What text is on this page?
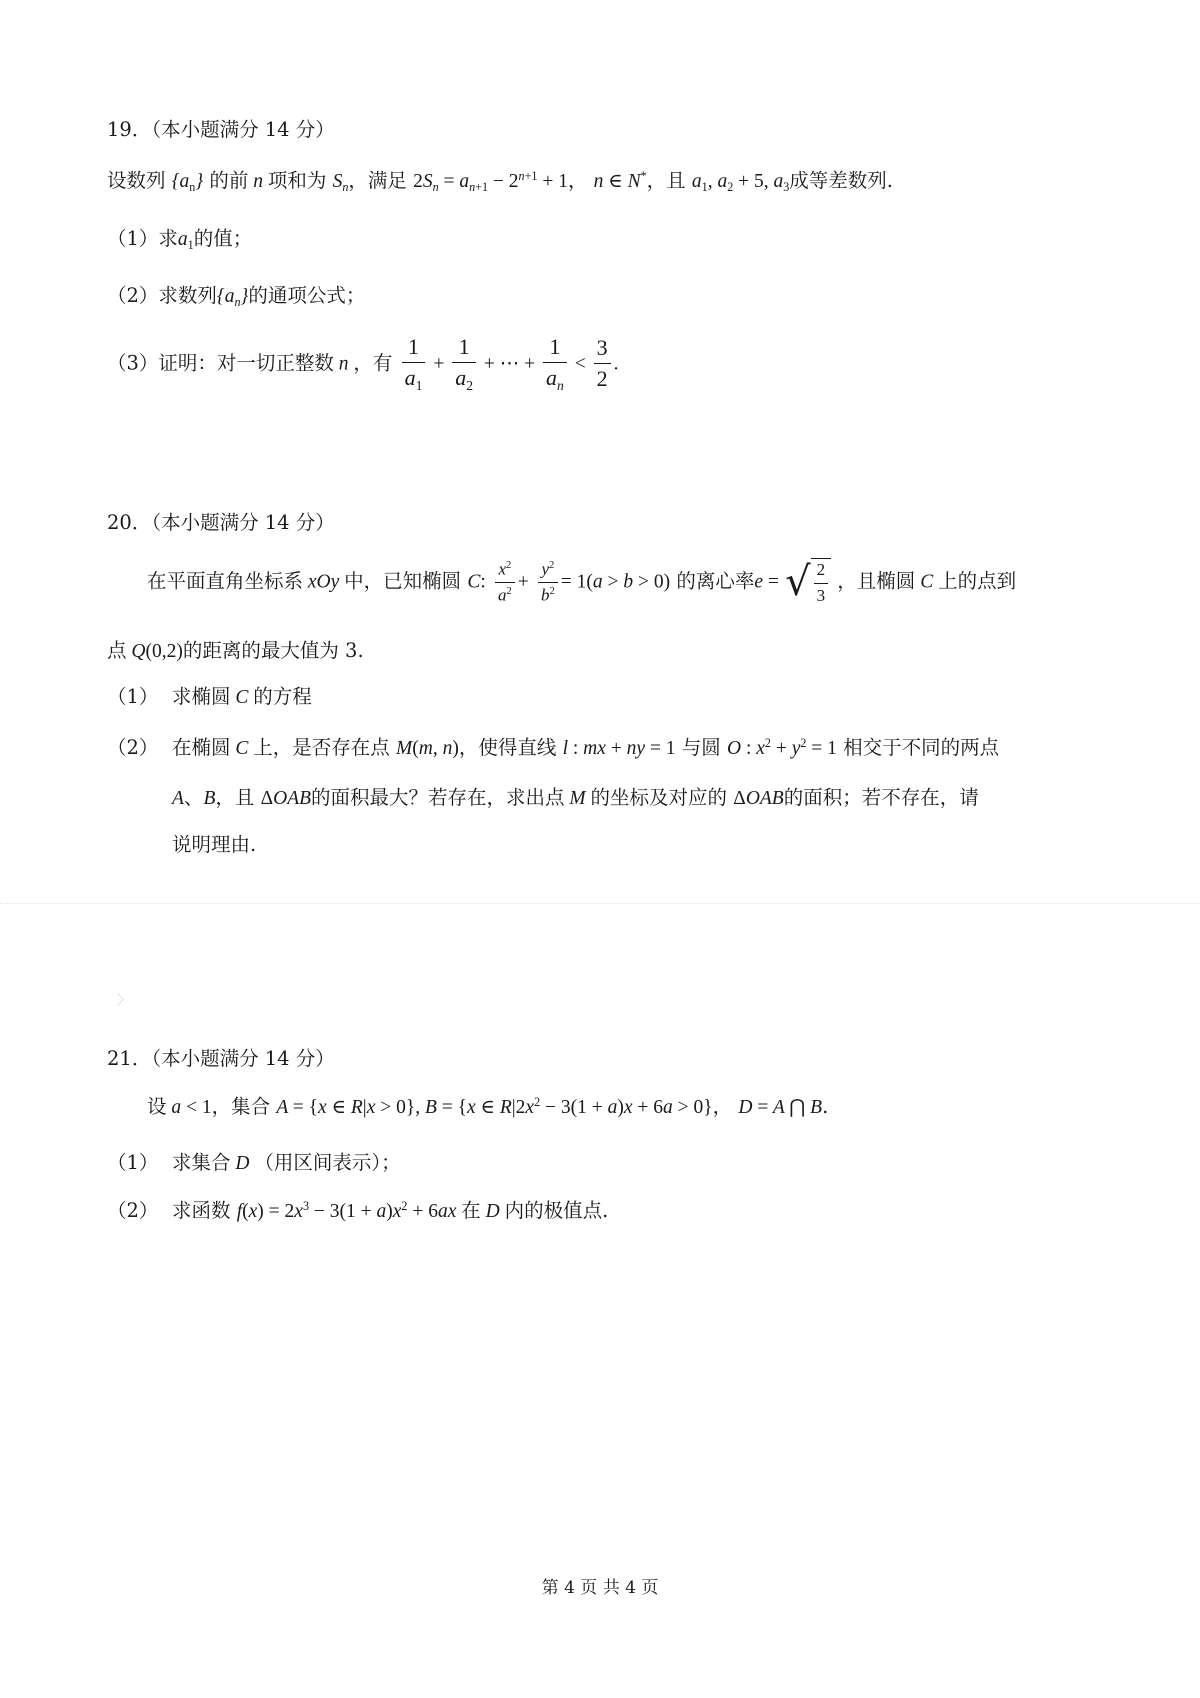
19．（本小题满分 14 分）
设数列 $\{a_n\}$ 的前 n 项和为 $S_n$，满足 $2S_n = a_{n+1} - 2^{n+1} + 1$， n ∈ N*，且 $a_1$, $a_2 + 5$, $a_3$成等差数列.
（1）求$a_1$的值；
（2）求数列$\{a_n\}$的通项公式；
（3）证明：对一切正整数 n ，有 $\frac{1}{a_1} + \frac{1}{a_2}$ + ⋯ + $\frac{1}{a_n} < \frac{3}{2}$ .
20．（本小题满分 14 分）
在平面直角坐标系 xOy 中，已知椭圆 C: $\frac{x^2}{a^2} + \frac{y^2}{b^2} = 1(a > b > 0)$ 的离心率e = √ $\frac{2}{3}$ ，且椭圆 C 上的点到
点 Q(0,2)的距离的最大值为 3.
（1） 求椭圆 C 的方程
（2） 在椭圆 C 上，是否存在点 M(m, n)，使得直线 l : mx + ny = 1 与圆 O : $x^2 + y^2 = 1$ 相交于不同的两点
A、B，且 ΔOAB的面积最大？若存在，求出点 M 的坐标及对应的 ΔOAB的面积；若不存在，请
说明理由.
〉
21．（本小题满分 14 分）
设 a < 1，集合 A = {x ∈ R|x > 0}, B = {x ∈ $R|2x^2 - 3(1 + a)x + 6a > 0$}， D = A ⋂ B.
（1） 求集合 D （用区间表示）；
（2） 求函数 $f(x) = 2x^3 - 3(1 + a)x^2 + 6ax$ 在 D 内的极值点.
第 4 页 共 4 页
